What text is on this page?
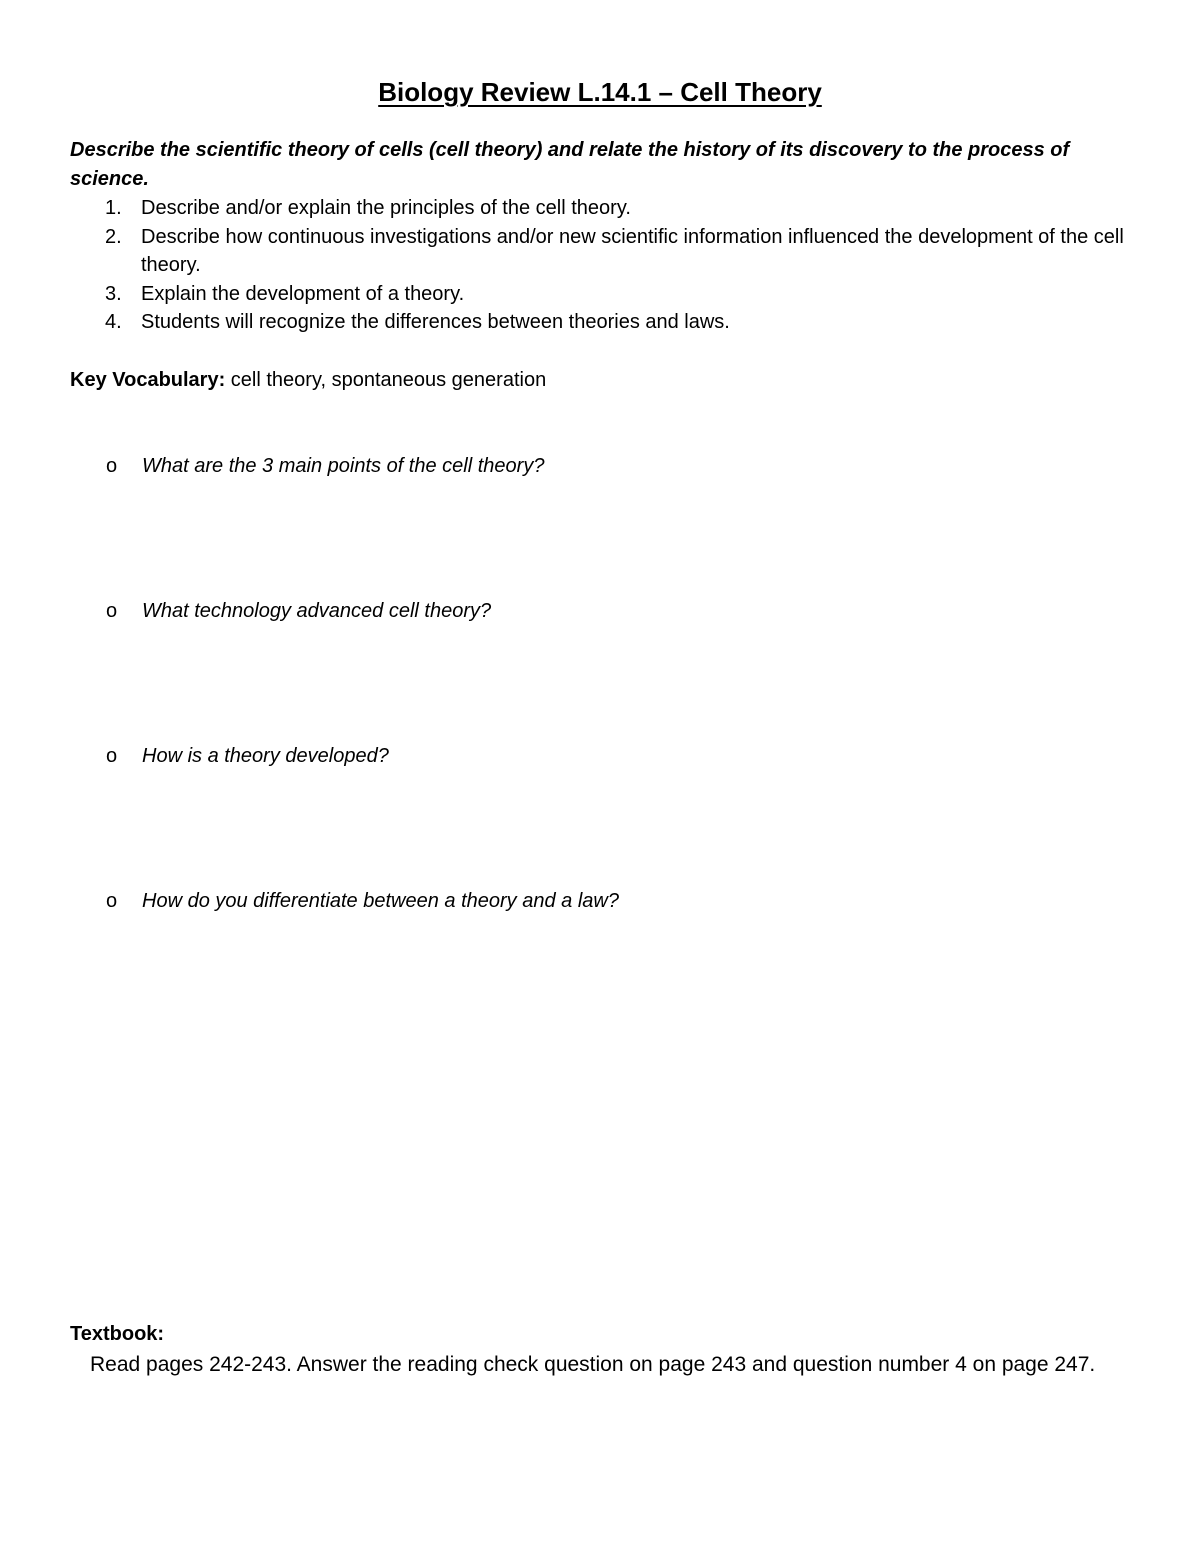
Biology Review L.14.1 – Cell Theory
Describe the scientific theory of cells (cell theory) and relate the history of its discovery to the process of science.
1. Describe and/or explain the principles of the cell theory.
2. Describe how continuous investigations and/or new scientific information influenced the development of the cell theory.
3. Explain the development of a theory.
4. Students will recognize the differences between theories and laws.
Key Vocabulary: cell theory, spontaneous generation
o What are the 3 main points of the cell theory?
o What technology advanced cell theory?
o How is a theory developed?
o How do you differentiate between a theory and a law?
Textbook:
Read pages 242-243. Answer the reading check question on page 243 and question number 4 on page 247.
